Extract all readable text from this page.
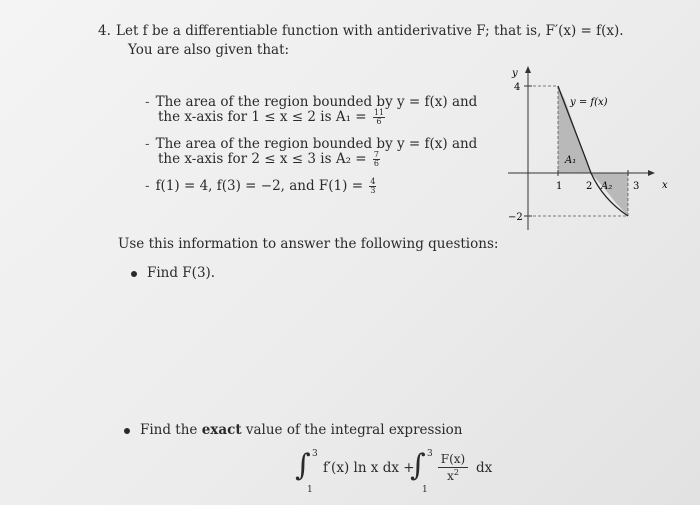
4. Let f be a differentiable function with antiderivative F; that is, F′(x) = f(x).
You are also given that:
- The area of the region bounded by y = f(x) and
the x-axis for 1 ≤ x ≤ 2 is $A_1 = \frac{11}{6}$
- The area of the region bounded by y = f(x) and
the x-axis for 2 ≤ x ≤ 3 is $A_2 = \frac{7}{6}$
- f(1) = 4, f(3) = −2, and $F(1) = \frac{4}{3}$
y
x
4
−2
1 2	3
y = f(x)
A₁
A₂
Use this information to answer the following questions:
Find F(3).
Find the exact value of the integral expression
∫ 3
1
f′(x) ln x dx +
∫ 3
1
$\frac{F(x)}{x^2}$ dx
